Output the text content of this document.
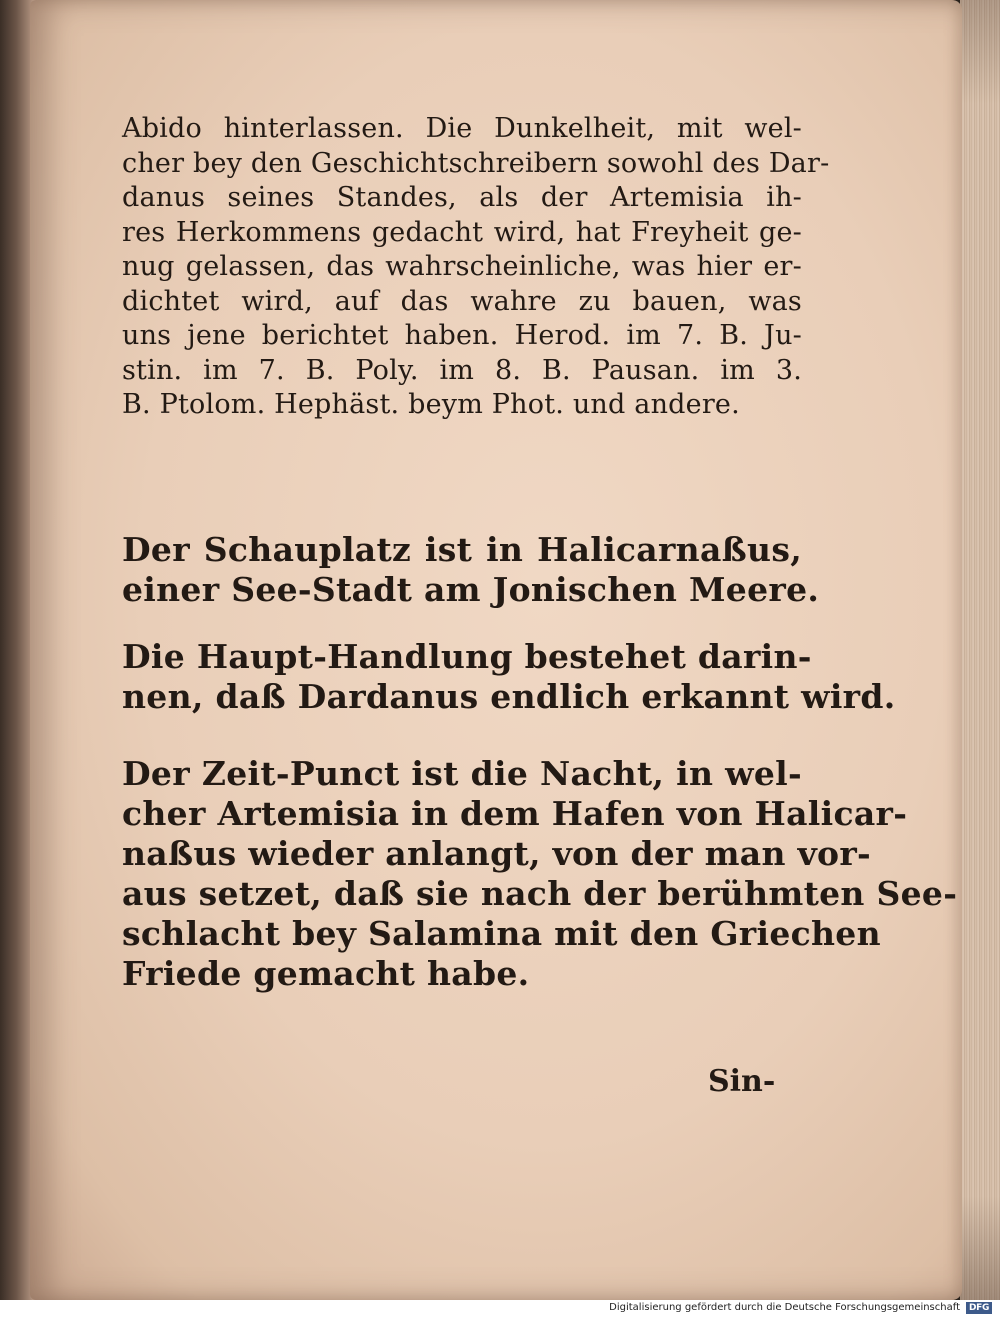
Abido hinterlassen. Die Dunkelheit, mit wel-
cher bey den Geschichtschreibern sowohl des Dar-
danus seines Standes, als der Artemisia ih-
res Herkommens gedacht wird, hat Freyheit ge-
nug gelassen, das wahrscheinliche, was hier er-
dichtet wird, auf das wahre zu bauen, was
uns jene berichtet haben. Herod. im 7. B. Ju-
stin. im 7. B. Poly. im 8. B. Pausan. im 3.
B. Ptolom. Hephäst. beym Phot. und andere.
Der Schauplatz ist in Halicarnaßus,
einer See-Stadt am Jonischen Meere.
Die Haupt-Handlung bestehet darin-
nen, daß Dardanus endlich erkannt wird.
Der Zeit-Punct ist die Nacht, in wel-
cher Artemisia in dem Hafen von Halicar-
naßus wieder anlangt, von der man vor-
aus setzet, daß sie nach der berühmten See-
schlacht bey Salamina mit den Griechen
Friede gemacht habe.
Sin-
Digitalisierung gefördert durch die Deutsche Forschungsgemeinschaft DFG
